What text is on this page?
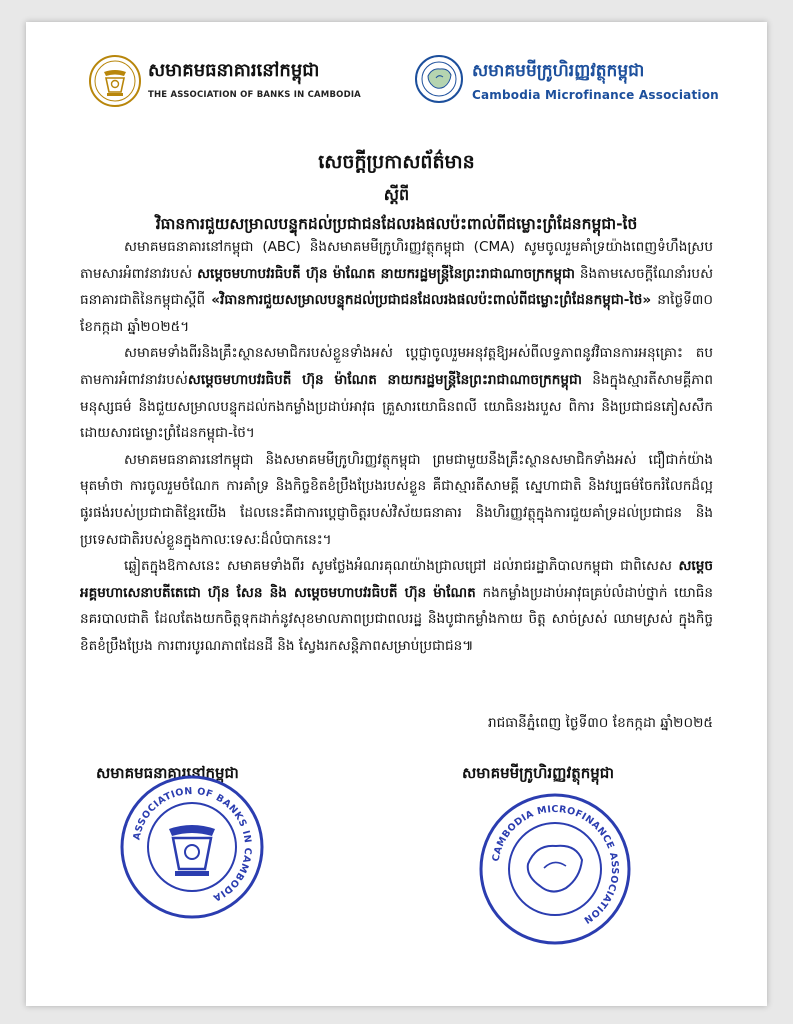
សមាគមធនាគារនៅកម្ពុជា
THE ASSOCIATION OF BANKS IN CAMBODIA
សមាគមមីក្រូហិរញ្ញវត្ថុកម្ពុជា
Cambodia Microfinance Association

សេចក្តីប្រកាសព័ត៌មាន

ស្តីពី

វិធានការជួយសម្រាលបន្ទុកដល់ប្រជាជនដែលរងផលប៉ះពាល់ពីជម្លោះព្រំដែនកម្ពុជា-ថៃ

សមាគមធនាគារនៅកម្ពុជា (ABC) និងសមាគមមីក្រូហិរញ្ញវត្ថុកម្ពុជា (CMA) សូមចូលរួមគាំទ្រយ៉ាងពេញទំហឹងស្របតាមសារអំពាវនាវរបស់ សម្តេចមហាបវរធិបតី ហ៊ុន ម៉ាណែត នាយករដ្ឋមន្ត្រីនៃព្រះរាជាណាចក្រកម្ពុជា និងតាមសេចក្តីណែនាំរបស់ធនាគារជាតិនៃកម្ពុជាស្តីពី «វិធានការជួយសម្រាលបន្ទុកដល់ប្រជាជនដែលរងផលប៉ះពាល់ពីជម្លោះព្រំដែនកម្ពុជា-ថៃ» នាថ្ងៃទី៣០ ខែកក្កដា ឆ្នាំ២០២៥។

សមាគមទាំងពីរនិងគ្រឹះស្ថានសមាជិករបស់ខ្លួនទាំងអស់ ប្តេជ្ញាចូលរួមអនុវត្តឱ្យអស់ពីលទ្ធភាពនូវវិធានការអនុគ្រោះ តបតាមការអំពាវនាវរបស់សម្តេចមហាបវរធិបតី ហ៊ុន ម៉ាណែត នាយករដ្ឋមន្ត្រីនៃព្រះរាជាណាចក្រកម្ពុជា និងក្នុងស្មារតីសាមគ្គីភាព មនុស្សធម៌ និងជួយសម្រាលបន្ទុកដល់កងកម្លាំងប្រដាប់អាវុធ គ្រួសារយោធិនពលី យោធិនរងរបួស ពិការ និងប្រជាជនភៀសសឹក ដោយសារជម្លោះព្រំដែនកម្ពុជា-ថៃ។

សមាគមធនាគារនៅកម្ពុជា និងសមាគមមីក្រូហិរញ្ញវត្ថុកម្ពុជា ព្រមជាមួយនឹងគ្រឹះស្ថានសមាជិកទាំងអស់ ជឿជាក់យ៉ាងមុតមាំថា ការចូលរួមចំណែក ការគាំទ្រ និងកិច្ចខិតខំប្រឹងប្រែងរបស់ខ្លួន គឺជាស្មារតីសាមគ្គី ស្នេហាជាតិ និងវប្បធម៌ចែករំលែកដ៏ល្អផូរផង់របស់ប្រជាជាតិខ្មែរយើង ដែលនេះគឺជាការប្តេជ្ញាចិត្តរបស់វិស័យធនាគារ និងហិរញ្ញវត្ថុក្នុងការជួយគាំទ្រដល់ប្រជាជន និងប្រទេសជាតិរបស់ខ្លួនក្នុងកាលៈទេសៈដ៏លំបាកនេះ។

ឆ្លៀតក្នុងឱកាសនេះ សមាគមទាំងពីរ សូមថ្លែងអំណរគុណយ៉ាងជ្រាលជ្រៅ ដល់រាជរដ្ឋាភិបាលកម្ពុជា ជាពិសេស សម្តេចអគ្គមហាសេនាបតីតេជោ ហ៊ុន សែន និង សម្តេចមហាបវរធិបតី ហ៊ុន ម៉ាណែត កងកម្លាំងប្រដាប់អាវុធគ្រប់លំដាប់ថ្នាក់ យោធិន នគរបាលជាតិ ដែលតែងយកចិត្តទុកដាក់នូវសុខមាលភាពប្រជាពលរដ្ឋ និងបូជាកម្លាំងកាយ ចិត្ត សាច់ស្រស់ ឈាមស្រស់ ក្នុងកិច្ចខិតខំប្រឹងប្រែង ការពារបូរណភាពដែនដី និង ស្វែងរកសន្តិភាពសម្រាប់ប្រជាជន៕

រាជធានីភ្នំពេញ ថ្ងៃទី៣០ ខែកក្កដា ឆ្នាំ២០២៥
សមាគមធនាគារនៅកម្ពុជា
ASSOCIATION OF BANKS IN CAMBODIA
សមាគមមីក្រូហិរញ្ញវត្ថុកម្ពុជា
CAMBODIA MICROFINANCE ASSOCIATION
